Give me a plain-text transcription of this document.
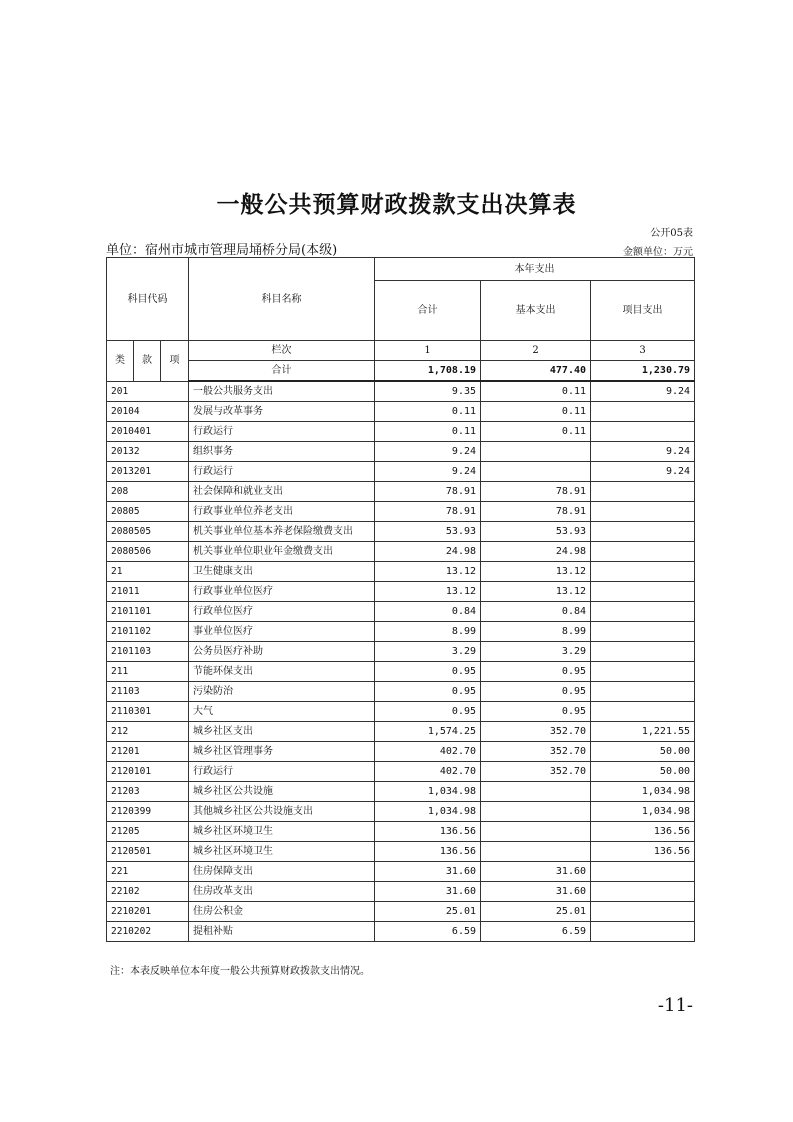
一般公共预算财政拨款支出决算表
公开05表
单位：宿州市城市管理局埇桥分局(本级)	金额单位：万元
科目代码			科目名称	本年支出		
				合计	基本支出	项目支出
类	款	项	栏次	1	2	3
			合计	1,708.19	477.40	1,230.79
201			一般公共服务支出	9.35	0.11	9.24
20104			发展与改革事务	0.11	0.11	
2010401			行政运行	0.11	0.11	
20132			组织事务	9.24		9.24
2013201			行政运行	9.24		9.24
208			社会保障和就业支出	78.91	78.91	
20805			行政事业单位养老支出	78.91	78.91	
2080505			机关事业单位基本养老保险缴费支出	53.93	53.93	
2080506			机关事业单位职业年金缴费支出	24.98	24.98	
21			卫生健康支出	13.12	13.12	
21011			行政事业单位医疗	13.12	13.12	
2101101			行政单位医疗	0.84	0.84	
2101102			事业单位医疗	8.99	8.99	
2101103			公务员医疗补助	3.29	3.29	
211			节能环保支出	0.95	0.95	
21103			污染防治	0.95	0.95	
2110301			大气	0.95	0.95	
212			城乡社区支出	1,574.25	352.70	1,221.55
21201			城乡社区管理事务	402.70	352.70	50.00
2120101			行政运行	402.70	352.70	50.00
21203			城乡社区公共设施	1,034.98		1,034.98
2120399			其他城乡社区公共设施支出	1,034.98		1,034.98
21205			城乡社区环境卫生	136.56		136.56
2120501			城乡社区环境卫生	136.56		136.56
221			住房保障支出	31.60	31.60	
22102			住房改革支出	31.60	31.60	
2210201			住房公积金	25.01	25.01	
2210202			提租补贴	6.59	6.59	
注：本表反映单位本年度一般公共预算财政拨款支出情况。
-11-
